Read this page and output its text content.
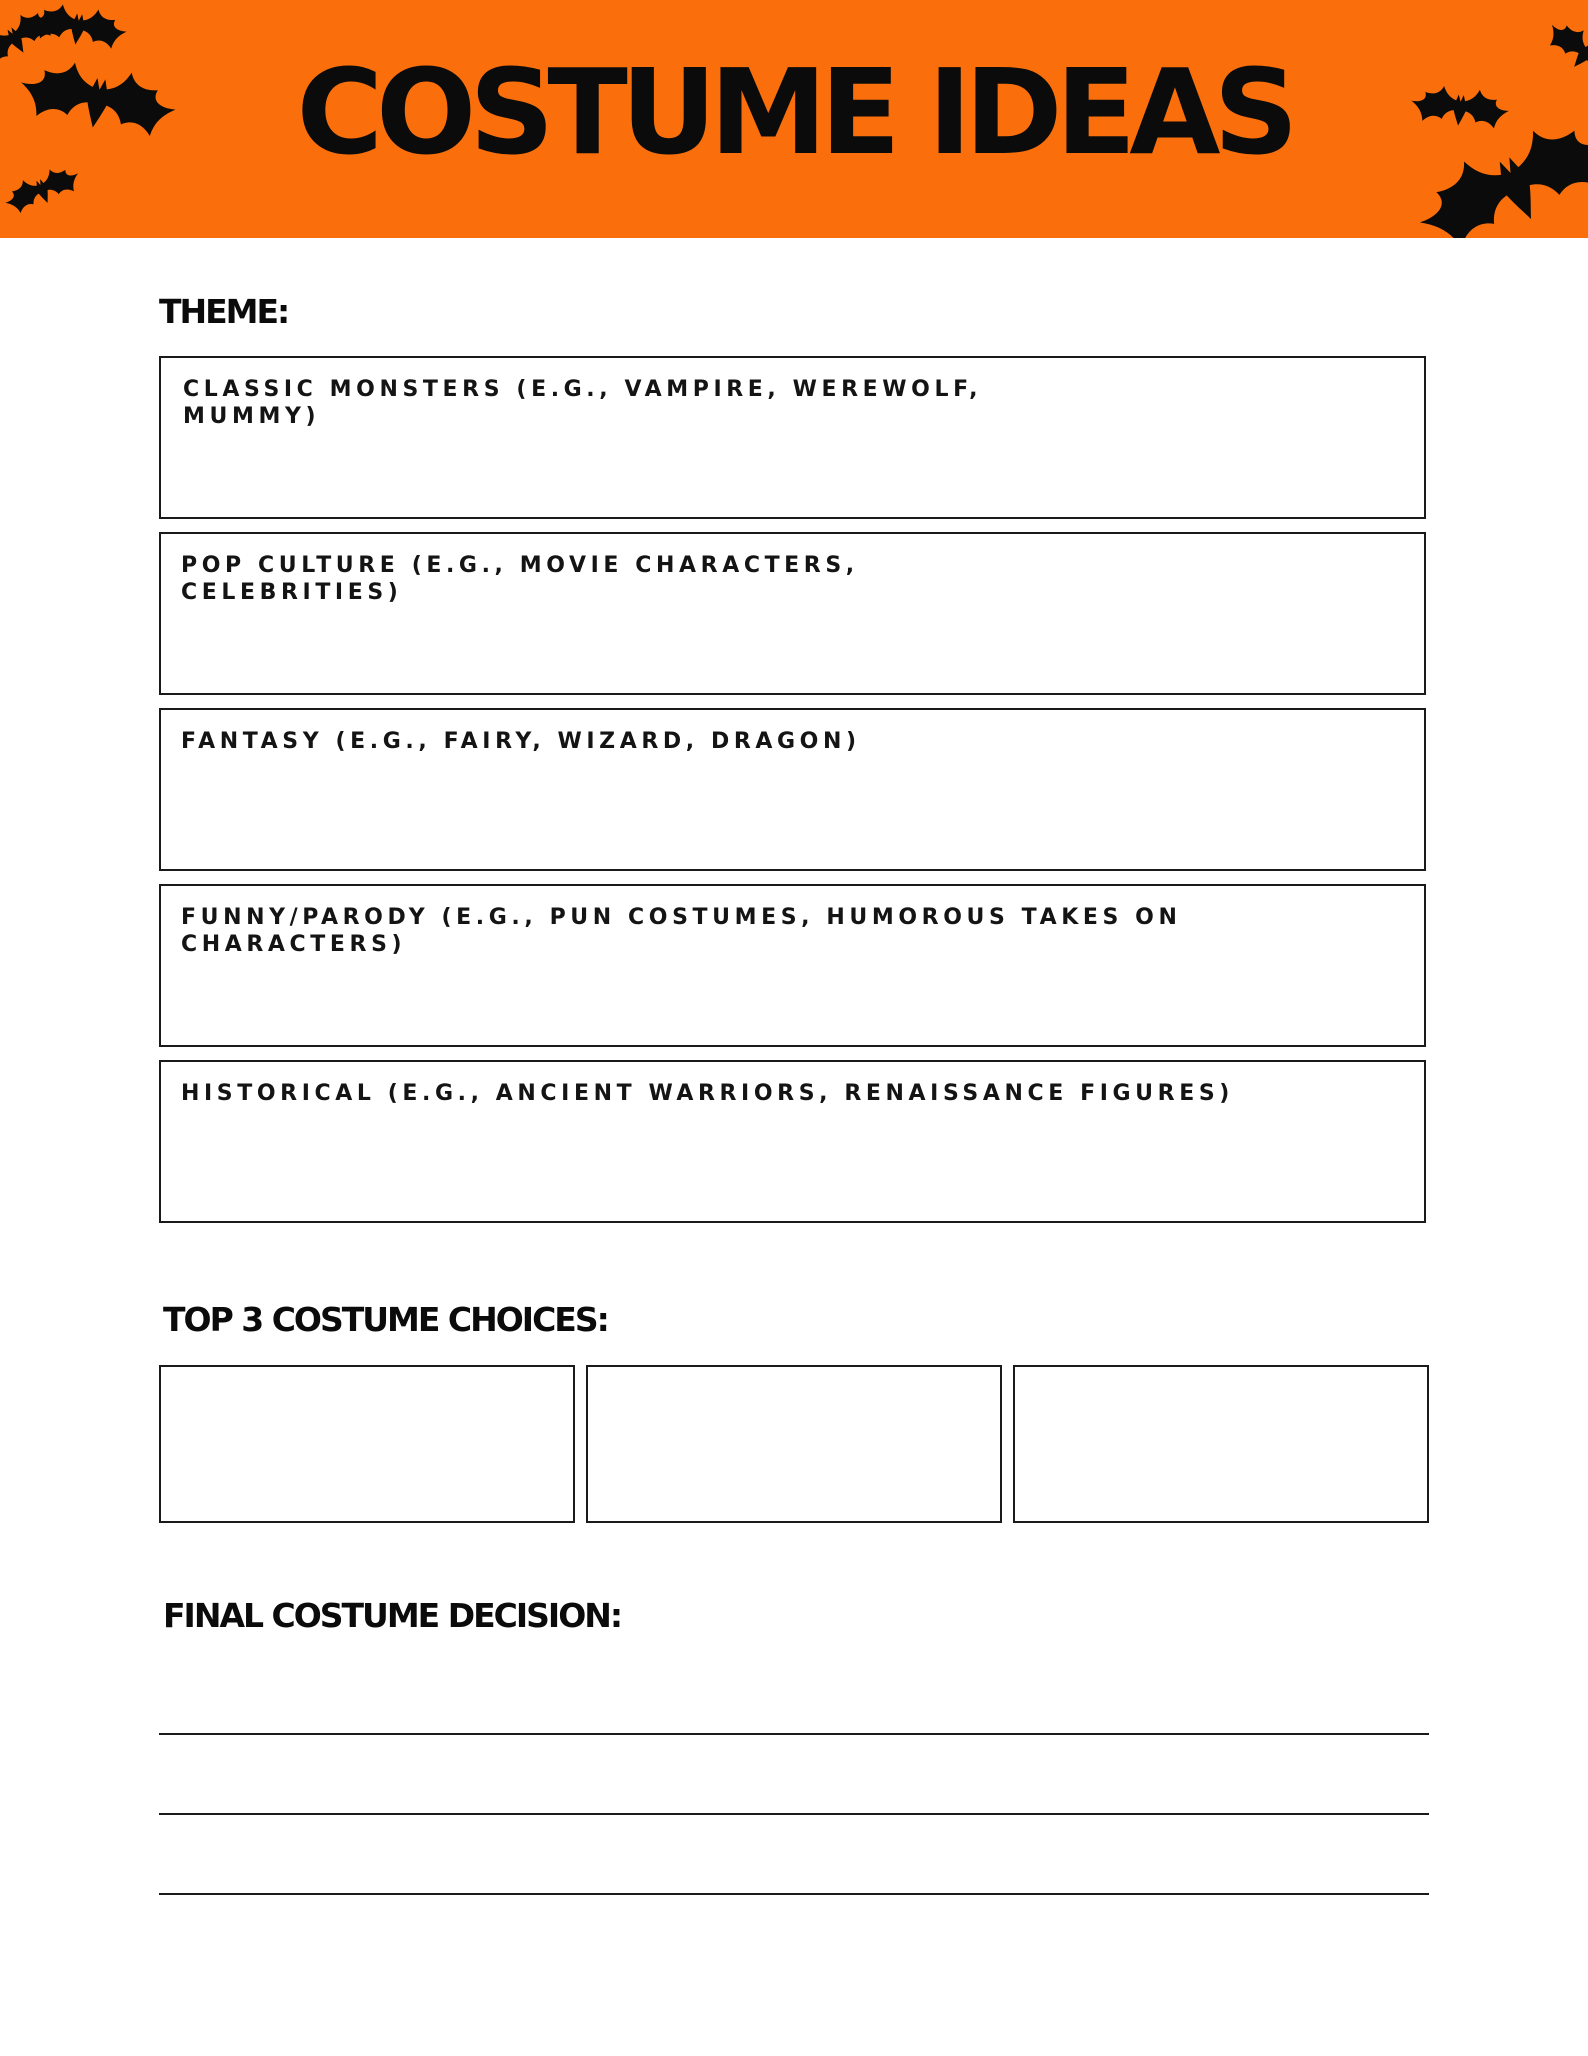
COSTUME IDEAS
THEME:
CLASSIC MONSTERS (E.G., VAMPIRE, WEREWOLF, MUMMY)
POP CULTURE (E.G., MOVIE CHARACTERS, CELEBRITIES)
FANTASY (E.G., FAIRY, WIZARD, DRAGON)
FUNNY/PARODY (E.G., PUN COSTUMES, HUMOROUS TAKES ON CHARACTERS)
HISTORICAL (E.G., ANCIENT WARRIORS, RENAISSANCE FIGURES)
TOP 3 COSTUME CHOICES:
FINAL COSTUME DECISION:
